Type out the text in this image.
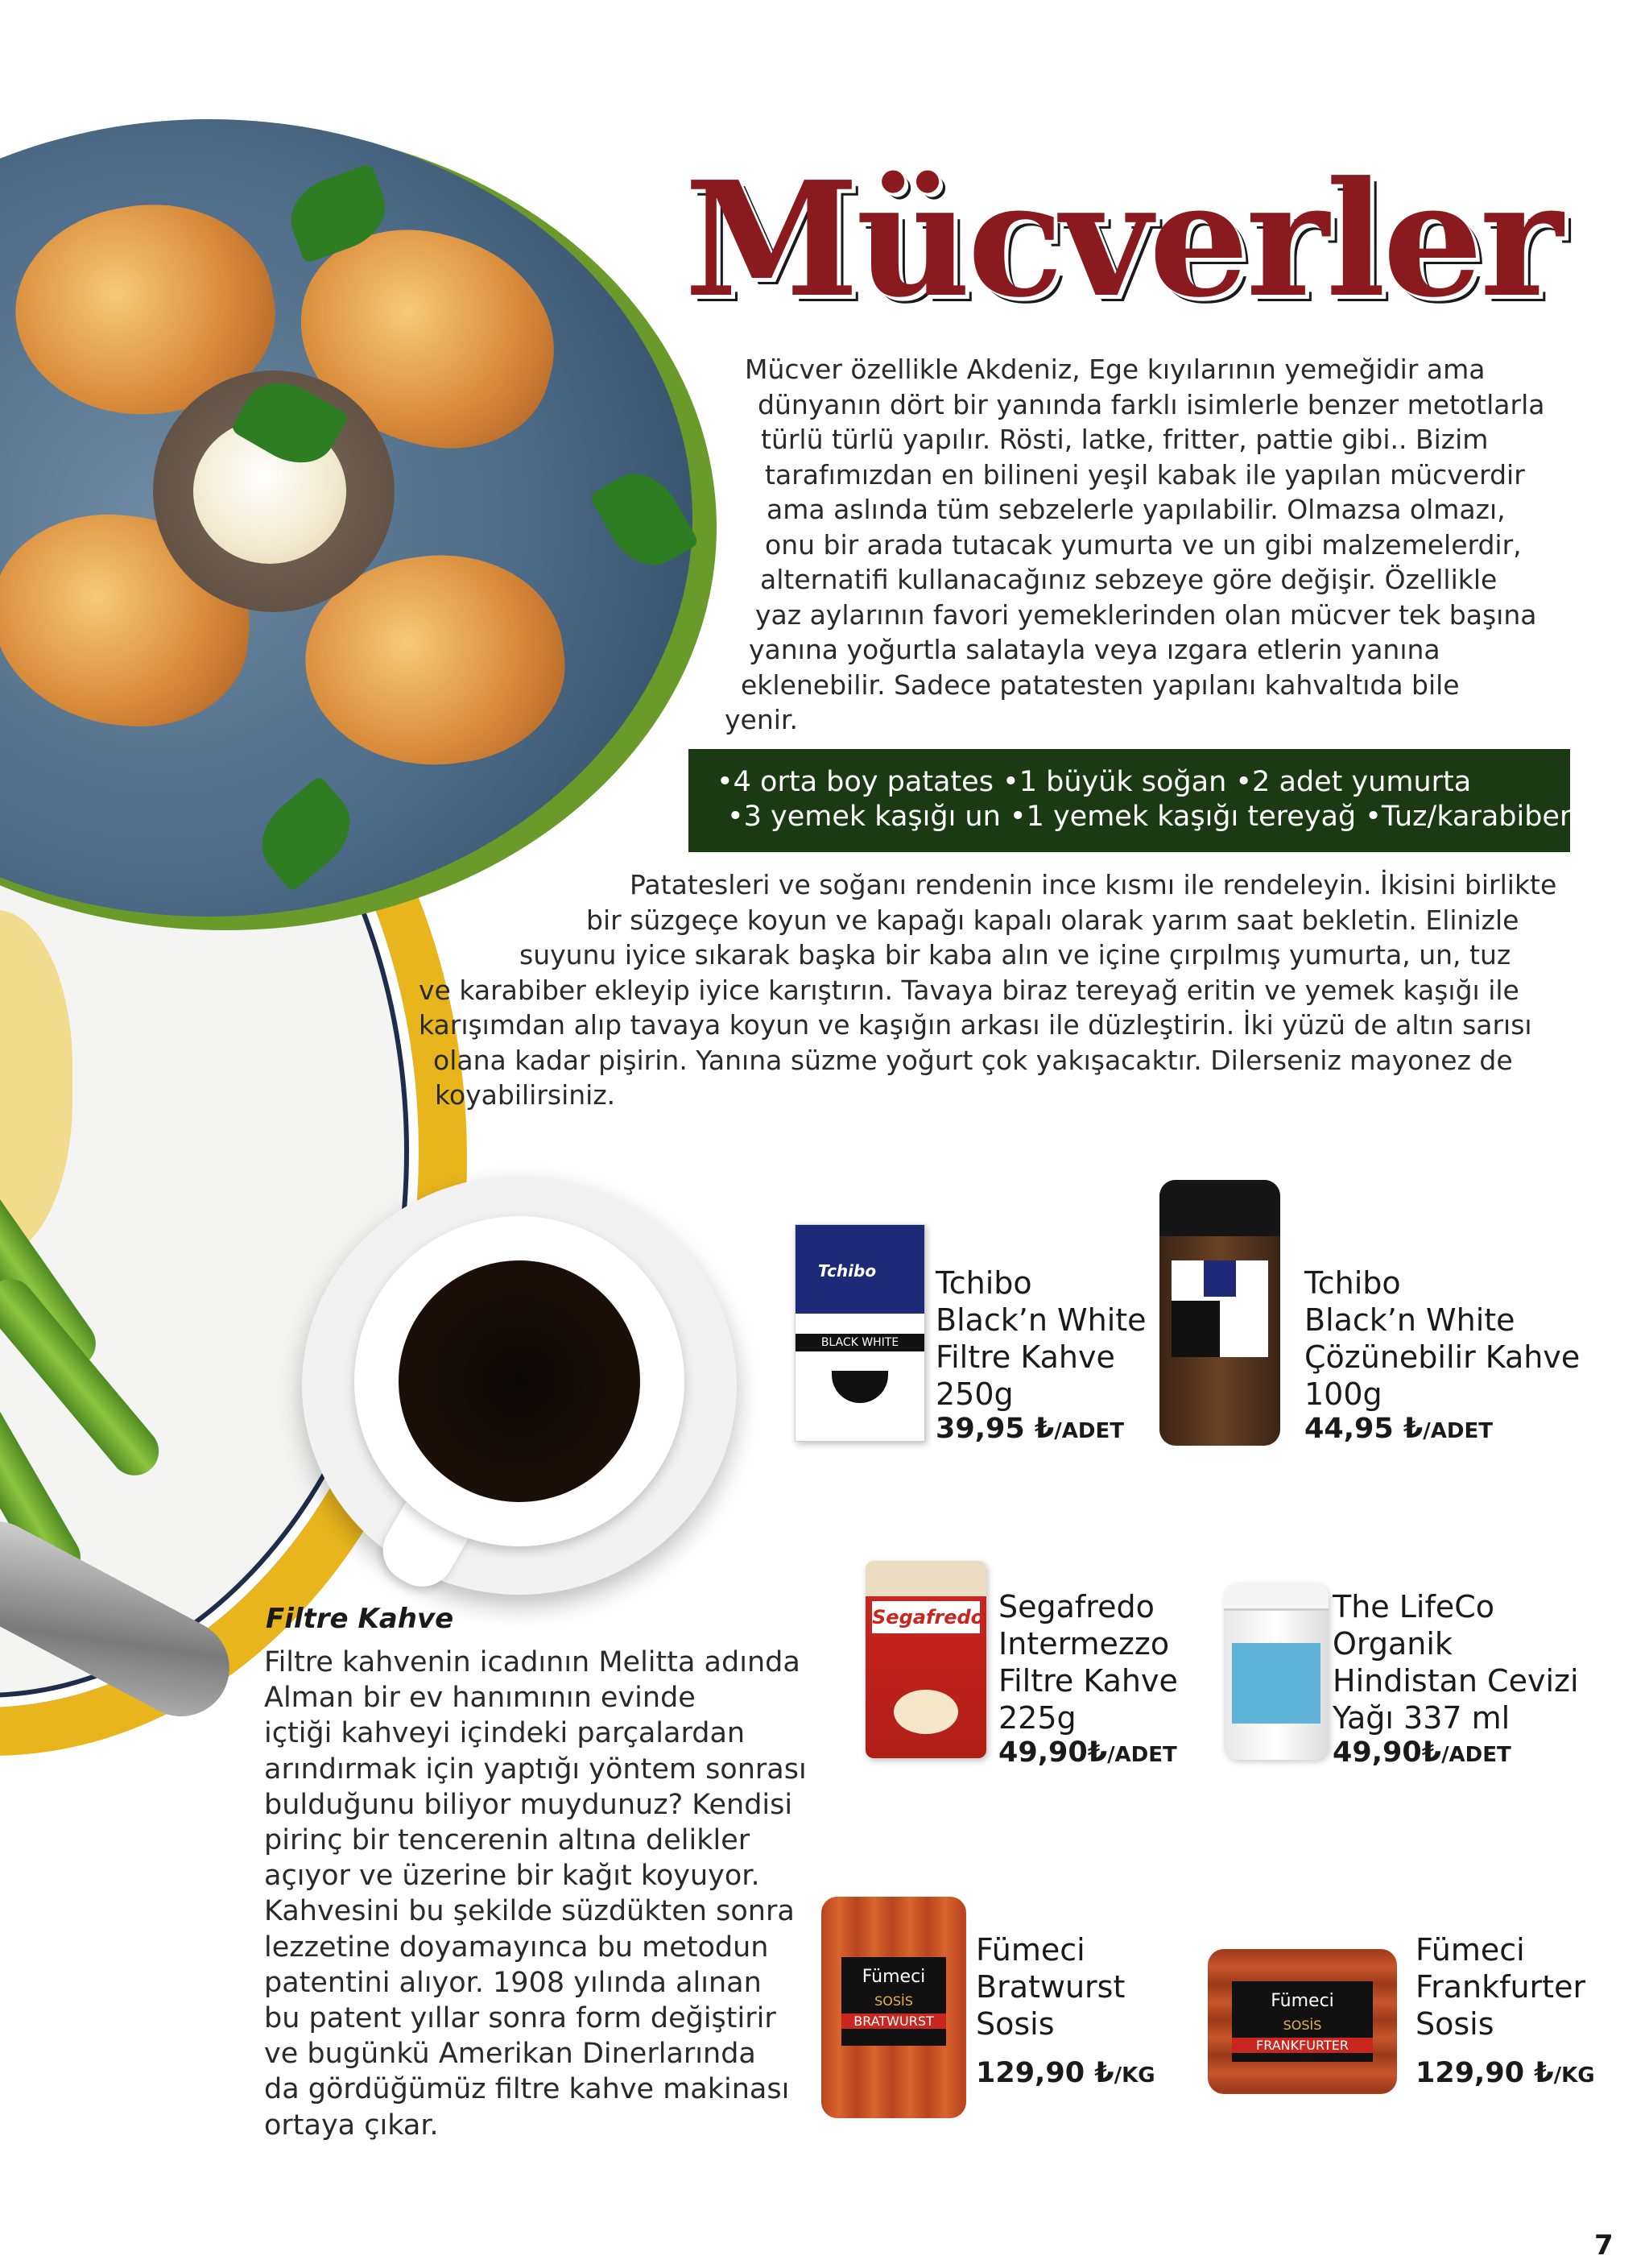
Mücverler

Mücver özellikle Akdeniz, Ege kıyılarının yemeğidir ama

dünyanın dört bir yanında farklı isimlerle benzer metotlarla

türlü türlü yapılır. Rösti, latke, fritter, pattie gibi.. Bizim

tarafımızdan en bilineni yeşil kabak ile yapılan mücverdir

ama aslında tüm sebzelerle yapılabilir. Olmazsa olmazı,

onu bir arada tutacak yumurta ve un gibi malzemelerdir,

alternatifi kullanacağınız sebzeye göre değişir. Özellikle

yaz aylarının favori yemeklerinden olan mücver tek başına

yanına yoğurtla salatayla veya ızgara etlerin yanına

eklenebilir. Sadece patatesten yapılanı kahvaltıda bile

yenir.

•4 orta boy patates •1 büyük soğan •2 adet yumurta

•3 yemek kaşığı un •1 yemek kaşığı tereyağ •Tuz/karabiber

Patatesleri ve soğanı rendenin ince kısmı ile rendeleyin. İkisini birlikte

bir süzgeçe koyun ve kapağı kapalı olarak yarım saat bekletin. Elinizle

suyunu iyice sıkarak başka bir kaba alın ve içine çırpılmış yumurta, un, tuz

ve karabiber ekleyip iyice karıştırın. Tavaya biraz tereyağ eritin ve yemek kaşığı ile

karışımdan alıp tavaya koyun ve kaşığın arkası ile düzleştirin. İki yüzü de altın sarısı

olana kadar pişirin. Yanına süzme yoğurt çok yakışacaktır. Dilerseniz mayonez de

koyabilirsiniz.

Filtre Kahve

Filtre kahvenin icadının Melitta adında

Alman bir ev hanımının evinde

içtiği kahveyi içindeki parçalardan

arındırmak için yaptığı yöntem sonrası

bulduğunu biliyor muydunuz? Kendisi

pirinç bir tencerenin altına delikler

açıyor ve üzerine bir kağıt koyuyor.

Kahvesini bu şekilde süzdükten sonra

lezzetine doyamayınca bu metodun

patentini alıyor. 1908 yılında alınan

bu patent yıllar sonra form değiştirir

ve bugünkü Amerikan Dinerlarında

da gördüğümüz filtre kahve makinası

ortaya çıkar.

Tchibo
BLACK WHITE
Tchibo
Black’n White
Filtre Kahve
250g
39,95 ₺/ADET
Tchibo
Black’n White
Çözünebilir Kahve
100g
44,95 ₺/ADET
Segafredo Segafredo
Intermezzo
Filtre Kahve
225g
49,90₺/ADET
The LifeCo
Organik
Hindistan Cevizi
Yağı 337 ml
49,90₺/ADET
Fümeci
SOSİS
BRATWURST
Fümeci
Bratwurst
Sosis
129,90 ₺/KG
Fümeci
SOSİS
FRANKFURTER
Fümeci
Frankfurter
Sosis
129,90 ₺/KG
7
